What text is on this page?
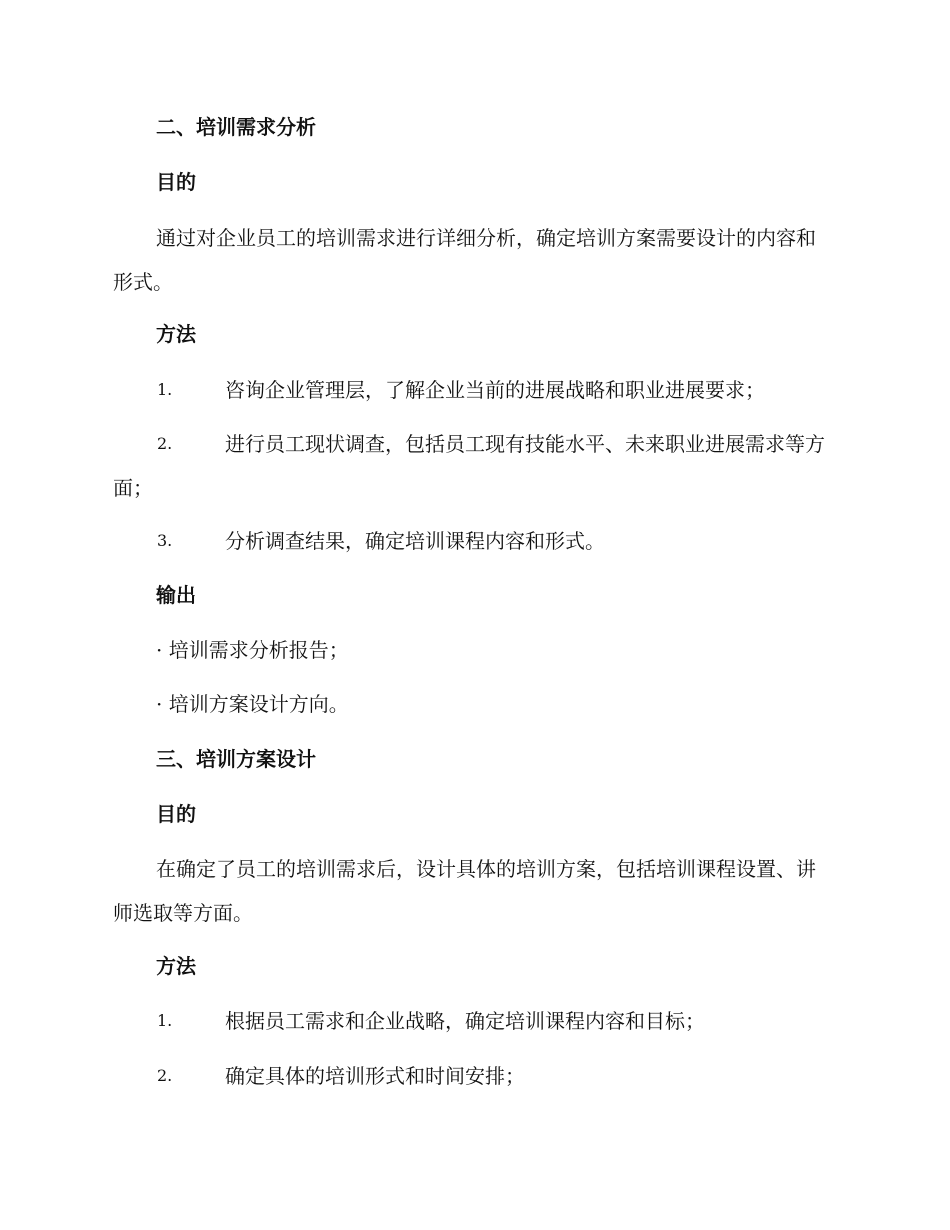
二、培训需求分析
目的
通过对企业员工的培训需求进行详细分析，确定培训方案需要设计的内容和形式。
方法
1.	咨询企业管理层，了解企业当前的进展战略和职业进展要求；
2.	进行员工现状调查，包括员工现有技能水平、未来职业进展需求等方面；
3.	分析调查结果，确定培训课程内容和形式。
输出
· 培训需求分析报告；
· 培训方案设计方向。
三、培训方案设计
目的
在确定了员工的培训需求后，设计具体的培训方案，包括培训课程设置、讲师选取等方面。
方法
1.	根据员工需求和企业战略，确定培训课程内容和目标；
2.	确定具体的培训形式和时间安排；
